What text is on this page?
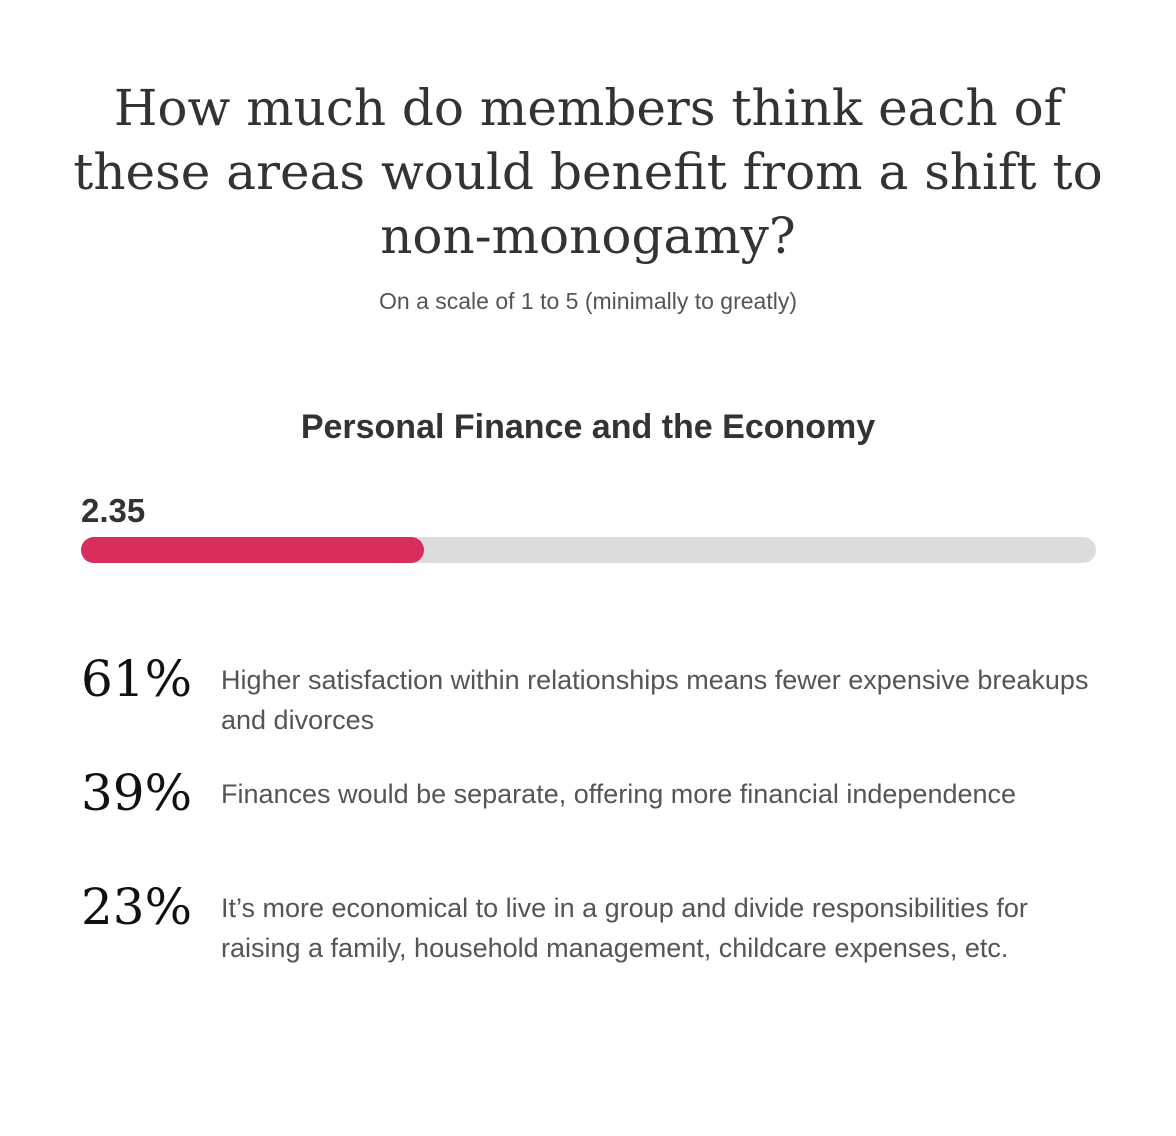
How much do members think each of these areas would benefit from a shift to non-monogamy?
On a scale of 1 to 5 (minimally to greatly)
Personal Finance and the Economy
2.35
61% Higher satisfaction within relationships means fewer expensive breakups and divorces
39% Finances would be separate, offering more financial independence
23% It’s more economical to live in a group and divide responsibilities for raising a family, household management, childcare expenses, etc.
